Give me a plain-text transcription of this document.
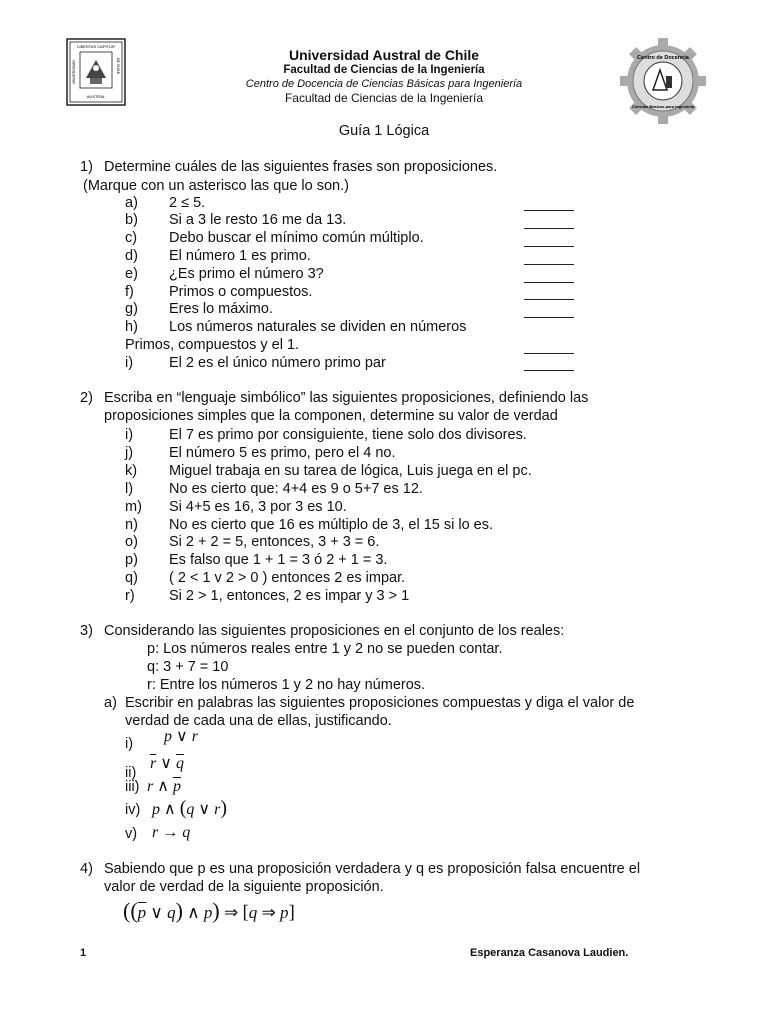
LIBERTAS CAPITUR
AUSTRAL
UNIVERSIDAD	DE CHILE	Centro de Docencia
Ciencias Básicas para Ingeniería
Universidad Austral de Chile
Facultad de Ciencias de la Ingeniería
Centro de Docencia de Ciencias Básicas para Ingeniería
Facultad de Ciencias de la Ingeniería
Guía 1 Lógica
1) Determine cuáles de las siguientes frases son proposiciones.
(Marque con un asterisco las que lo son.)
a) 2 ≤ 5.
b) Si a 3 le resto 16 me da 13.
c) Debo buscar el mínimo común múltiplo.
d) El número 1 es primo.
e) ¿Es primo el número 3?
f) Primos o compuestos.
g) Eres lo máximo.
h) Los números naturales se dividen en números
Primos, compuestos y el 1.
i) El 2 es el único número primo par
2) Escriba en “lenguaje simbólico” las siguientes proposiciones, definiendo las
proposiciones simples que la componen, determine su valor de verdad
i) El 7 es primo por consiguiente, tiene solo dos divisores.
j) El número 5 es primo, pero el 4 no.
k) Miguel trabaja en su tarea de lógica, Luis juega en el pc.
l) No es cierto que: 4+4 es 9 o 5+7 es 12.
m) Si 4+5 es 16, 3 por 3 es 10.
n) No es cierto que 16 es múltiplo de 3, el 15 si lo es.
o) Si 2 + 2 = 5, entonces, 3 + 3 = 6.
p) Es falso que 1 + 1 = 3 ó 2 + 1 = 3.
q) ( 2 < 1 v 2 > 0 ) entonces 2 es impar.
r) Si 2 > 1, entonces, 2 es impar y 3 > 1
3) Considerando las siguientes proposiciones en el conjunto de los reales:
p: Los números reales entre 1 y 2 no se pueden contar.
q: 3 + 7 = 10
r: Entre los números 1 y 2 no hay números.
a) Escribir en palabras las siguientes proposiciones compuestas y diga el valor de
verdad de cada una de ellas, justificando.
i) p ∨ r
ii)
$\overline{r}$ ∨ $\overline{q}$
iii) r ∧ $\overline{p}$
iv) p ∧ (q ∨ r)
v) r → q
4) Sabiendo que p es una proposición verdadera y q es proposición falsa encuentre el
valor de verdad de la siguiente proposición.
(($\overline{p}$ ∨ q) ∧ p) ⇒ [q ⇒ p]
1	Esperanza Casanova Laudien.
